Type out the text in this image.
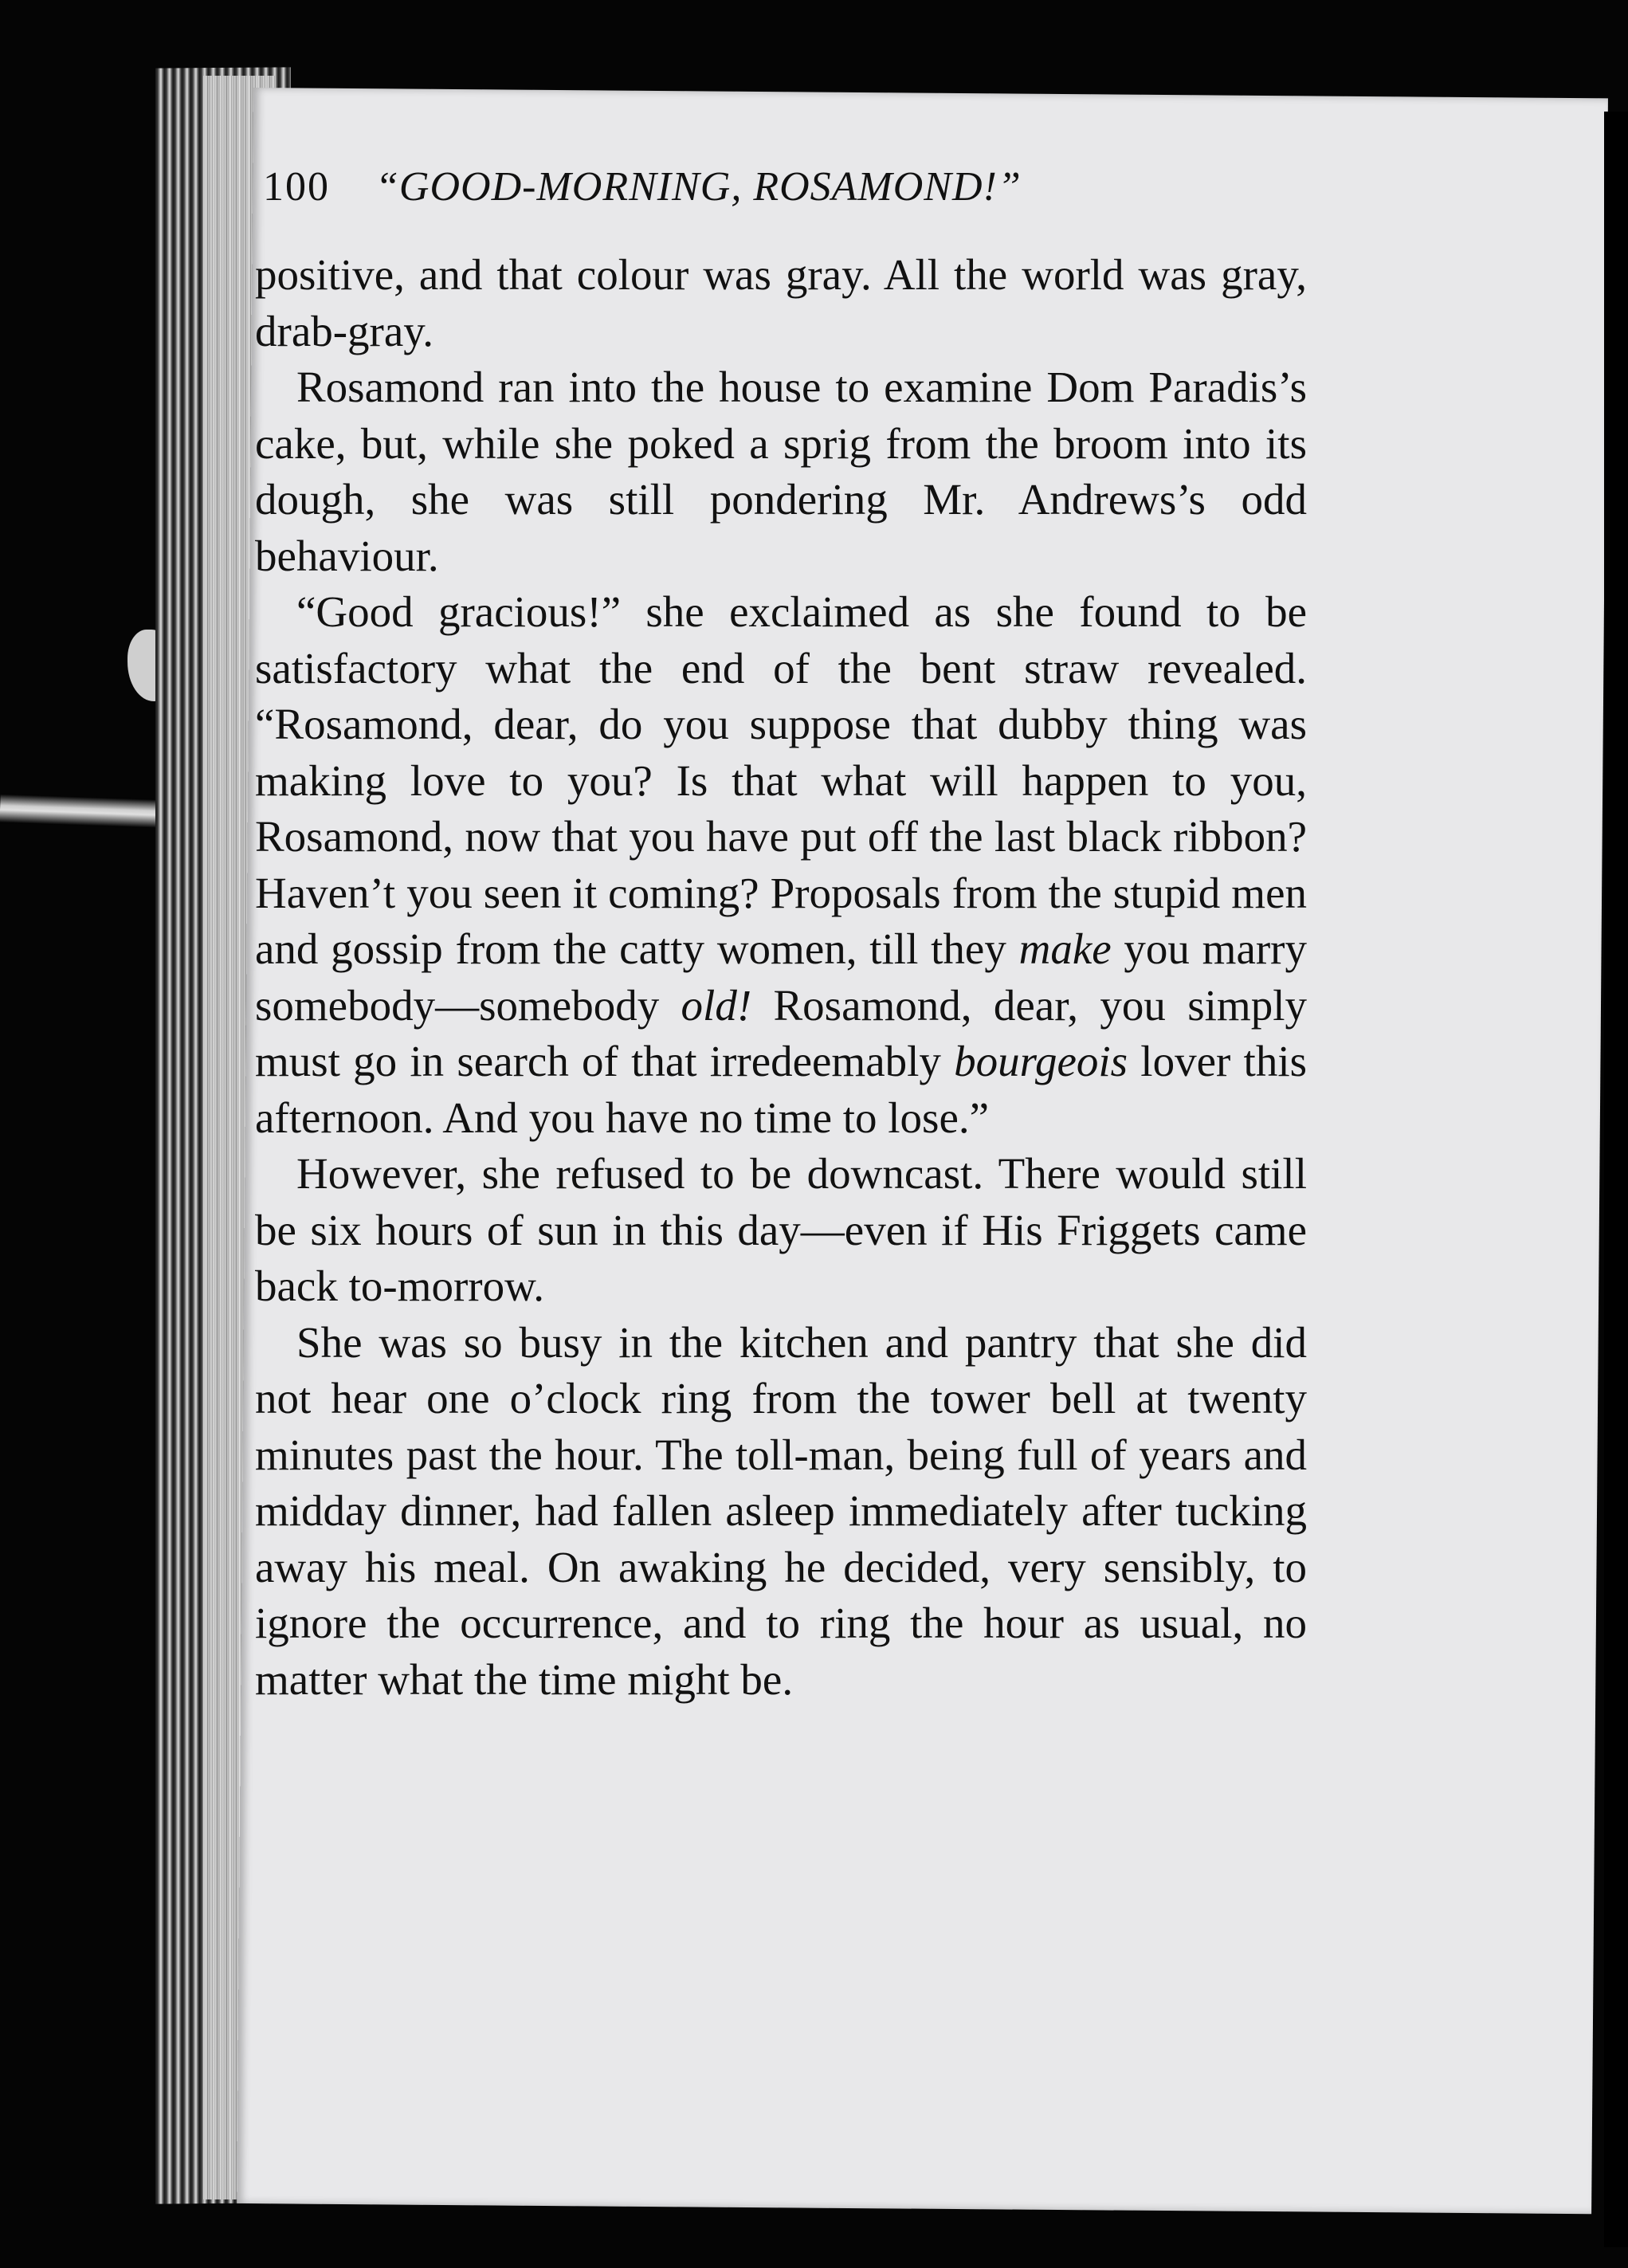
100 “GOOD-MORNING, ROSAMOND!”

positive, and that colour was gray. All the world was gray, drab-gray.

Rosamond ran into the house to examine Dom Paradis’s cake, but, while she poked a sprig from the broom into its dough, she was still pondering Mr. Andrews’s odd behaviour.

“Good gracious!” she exclaimed as she found to be satisfactory what the end of the bent straw revealed. “Rosamond, dear, do you suppose that dubby thing was making love to you? Is that what will happen to you, Rosamond, now that you have put off the last black ribbon? Haven’t you seen it coming? Proposals from the stupid men and gossip from the catty women, till they make you marry somebody—somebody old! Rosamond, dear, you simply must go in search of that irredeemably bourgeois lover this afternoon. And you have no time to lose.”

However, she refused to be downcast. There would still be six hours of sun in this day—even if His Friggets came back to-morrow.

She was so busy in the kitchen and pantry that she did not hear one o’clock ring from the tower bell at twenty minutes past the hour. The toll-man, being full of years and midday dinner, had fallen asleep immediately after tucking away his meal. On awaking he decided, very sensibly, to ignore the occurrence, and to ring the hour as usual, no matter what the time might be.
